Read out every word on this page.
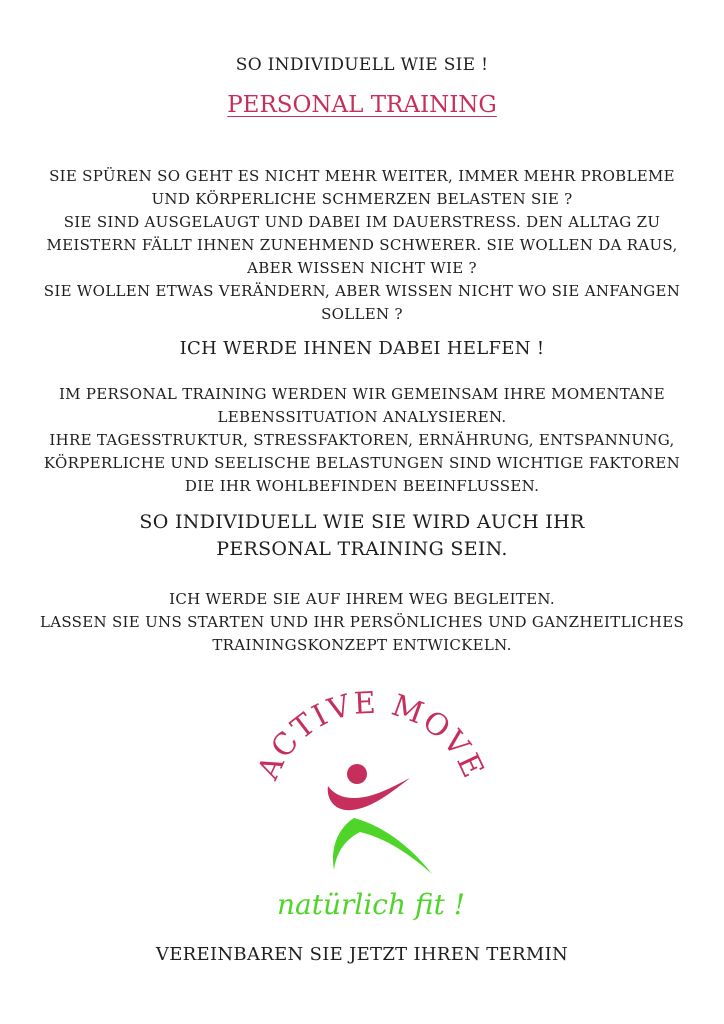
SO INDIVIDUELL WIE SIE !
PERSONAL TRAINING
SIE SPÜREN SO GEHT ES NICHT MEHR WEITER, IMMER MEHR PROBLEME
UND KÖRPERLICHE SCHMERZEN BELASTEN SIE ?
SIE SIND AUSGELAUGT UND DABEI IM DAUERSTRESS. DEN ALLTAG ZU
MEISTERN FÄLLT IHNEN ZUNEHMEND SCHWERER. SIE WOLLEN DA RAUS,
ABER WISSEN NICHT WIE ?
SIE WOLLEN ETWAS VERÄNDERN, ABER WISSEN NICHT WO SIE ANFANGEN
SOLLEN ?
ICH WERDE IHNEN DABEI HELFEN !
IM PERSONAL TRAINING WERDEN WIR GEMEINSAM IHRE MOMENTANE
LEBENSSITUATION ANALYSIEREN.
IHRE TAGESSTRUKTUR, STRESSFAKTOREN, ERNÄHRUNG, ENTSPANNUNG,
KÖRPERLICHE UND SEELISCHE BELASTUNGEN SIND WICHTIGE FAKTOREN
DIE IHR WOHLBEFINDEN BEEINFLUSSEN.
SO INDIVIDUELL WIE SIE WIRD AUCH IHR
PERSONAL TRAINING SEIN.
ICH WERDE SIE AUF IHREM WEG BEGLEITEN.
LASSEN SIE UNS STARTEN UND IHR PERSÖNLICHES UND GANZHEITLICHES
TRAININGSKONZEPT ENTWICKELN.
ACTIVE MOVE
natürlich fit !
VEREINBAREN SIE JETZT IHREN TERMIN
